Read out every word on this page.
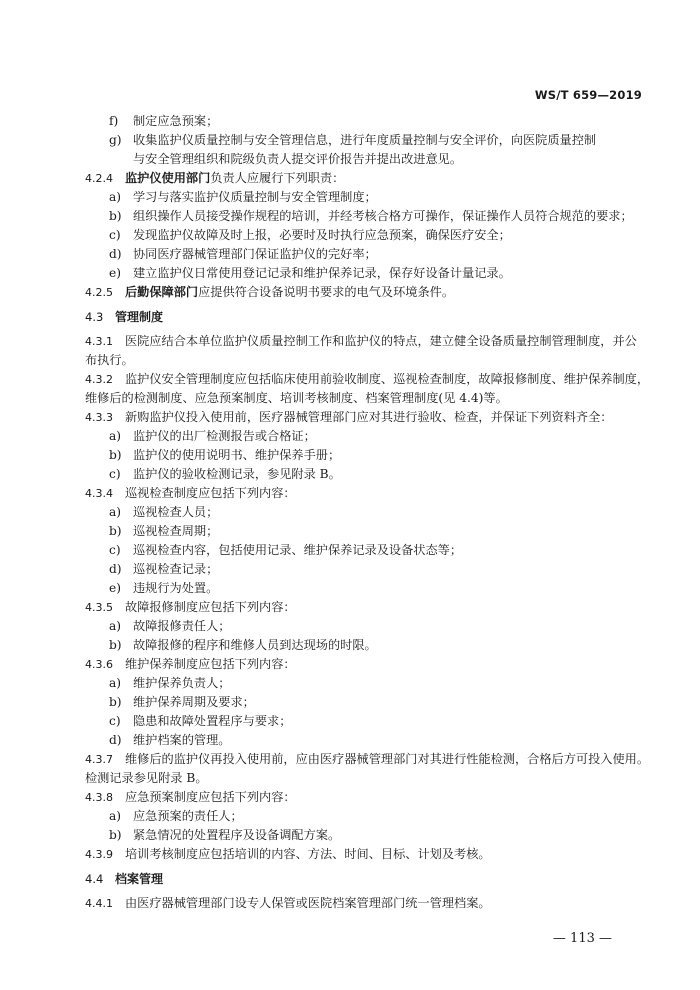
WS/T 659—2019
f) 制定应急预案；
g) 收集监护仪质量控制与安全管理信息，进行年度质量控制与安全评价，向医院质量控制
与安全管理组织和院级负责人提交评价报告并提出改进意见。
4.2.4 监护仪使用部门负责人应履行下列职责：
a) 学习与落实监护仪质量控制与安全管理制度；
b) 组织操作人员接受操作规程的培训，并经考核合格方可操作，保证操作人员符合规范的要求；
c) 发现监护仪故障及时上报，必要时及时执行应急预案，确保医疗安全；
d) 协同医疗器械管理部门保证监护仪的完好率；
e) 建立监护仪日常使用登记记录和维护保养记录，保存好设备计量记录。
4.2.5 后勤保障部门应提供符合设备说明书要求的电气及环境条件。
4.3 管理制度
4.3.1 医院应结合本单位监护仪质量控制工作和监护仪的特点，建立健全设备质量控制管理制度，并公
布执行。
4.3.2 监护仪安全管理制度应包括临床使用前验收制度、巡视检查制度，故障报修制度、维护保养制度，
维修后的检测制度、应急预案制度、培训考核制度、档案管理制度(见 4.4)等。
4.3.3 新购监护仪投入使用前，医疗器械管理部门应对其进行验收、检查，并保证下列资料齐全：
a) 监护仪的出厂检测报告或合格证；
b) 监护仪的使用说明书、维护保养手册；
c) 监护仪的验收检测记录，参见附录 B。
4.3.4 巡视检查制度应包括下列内容：
a) 巡视检查人员；
b) 巡视检查周期；
c) 巡视检查内容，包括使用记录、维护保养记录及设备状态等；
d) 巡视检查记录；
e) 违规行为处置。
4.3.5 故障报修制度应包括下列内容：
a) 故障报修责任人；
b) 故障报修的程序和维修人员到达现场的时限。
4.3.6 维护保养制度应包括下列内容：
a) 维护保养负责人；
b) 维护保养周期及要求；
c) 隐患和故障处置程序与要求；
d) 维护档案的管理。
4.3.7 维修后的监护仪再投入使用前，应由医疗器械管理部门对其进行性能检测，合格后方可投入使用。
检测记录参见附录 B。
4.3.8 应急预案制度应包括下列内容：
a) 应急预案的责任人；
b) 紧急情况的处置程序及设备调配方案。
4.3.9 培训考核制度应包括培训的内容、方法、时间、目标、计划及考核。
4.4 档案管理
4.4.1 由医疗器械管理部门设专人保管或医院档案管理部门统一管理档案。
— 113 —
